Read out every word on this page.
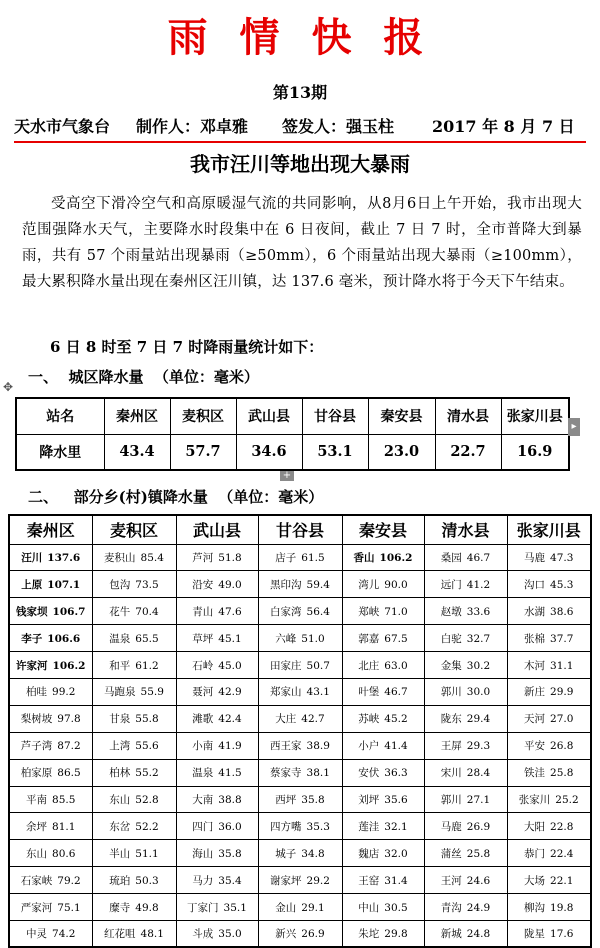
雨 情 快 报
第13期
天水市气象台 制作人：邓卓雅 签发人：强玉柱 2017 年 8 月 7 日
我市汪川等地出现大暴雨
受高空下滑冷空气和高原暖湿气流的共同影响，从8月6日上午开始，我市出现大范围强降水天气，主要降水时段集中在 6 日夜间，截止 7 日 7 时，全市普降大到暴雨，共有 57 个雨量站出现暴雨（≥50mm），6 个雨量站出现大暴雨（≥100mm），最大累积降水量出现在秦州区汪川镇，达 137.6 毫米，预计降水将于今天下午结束。
6 日 8 时至 7 日 7 时降雨量统计如下：
✥
一、  城区降水量  （单位：毫米）
站名	秦州区	麦积区	武山县	甘谷县	秦安县	清水县	张家川县
降水里	43.4	57.7	34.6	53.1	23.0	22.7	16.9
▸
+
二、   部分乡(村)镇降水量  （单位：毫米）
秦州区	麦积区	武山县	甘谷县	秦安县	清水县	张家川县
汪川 137.6	麦积山 85.4	芦河 51.8	店子 61.5	香山 106.2	桑园 46.7	马鹿 47.3
上原 107.1	包沟 73.5	沿安 49.0	黑印沟 59.4	湾儿 90.0	远门 41.2	沟口 45.3
钱家坝 106.7	花牛 70.4	青山 47.6	白家湾 56.4	郑峡 71.0	赵墩 33.6	水湖 38.6
李子 106.6	温泉 65.5	草坪 45.1	六峰 51.0	郭嘉 67.5	白驼 32.7	张棉 37.7
许家河 106.2	和平 61.2	石岭 45.0	田家庄 50.7	北庄 63.0	金集 30.2	木河 31.1
柏哇 99.2	马跑泉 55.9	聂河 42.9	郑家山 43.1	叶堡 46.7	郭川 30.0	新庄 29.9
梨树坡 97.8	甘泉 55.8	滩歌 42.4	大庄 42.7	苏峡 45.2	陇东 29.4	天河 27.0
芦子湾 87.2	上湾 55.6	小南 41.9	西王家 38.9	小户 41.4	王屏 29.3	平安 26.8
柏家原 86.5	柏林 55.2	温泉 41.5	蔡家寺 38.1	安伏 36.3	宋川 28.4	铁洼 25.8
平南 85.5	东山 52.8	大南 38.8	西坪 35.8	刘坪 35.6	郭川 27.1	张家川 25.2
余坪 81.1	东岔 52.2	四门 36.0	四方嘴 35.3	莲洼 32.1	马鹿 26.9	大阳 22.8
东山 80.6	半山 51.1	海山 35.8	城子 34.8	魏店 32.0	蒲丝 25.8	恭门 22.4
石家峡 79.2	琉珀 50.3	马力 35.4	谢家坪 29.2	王窑 31.4	王河 24.6	大场 22.1
严家河 75.1	糜寺 49.8	丁家门 35.1	金山 29.1	中山 30.5	青沟 24.9	柳沟 19.8
中灵 74.2	红花咀 48.1	斗成 35.0	新兴 26.9	朱坨 29.8	新城 24.8	陇星 17.6
